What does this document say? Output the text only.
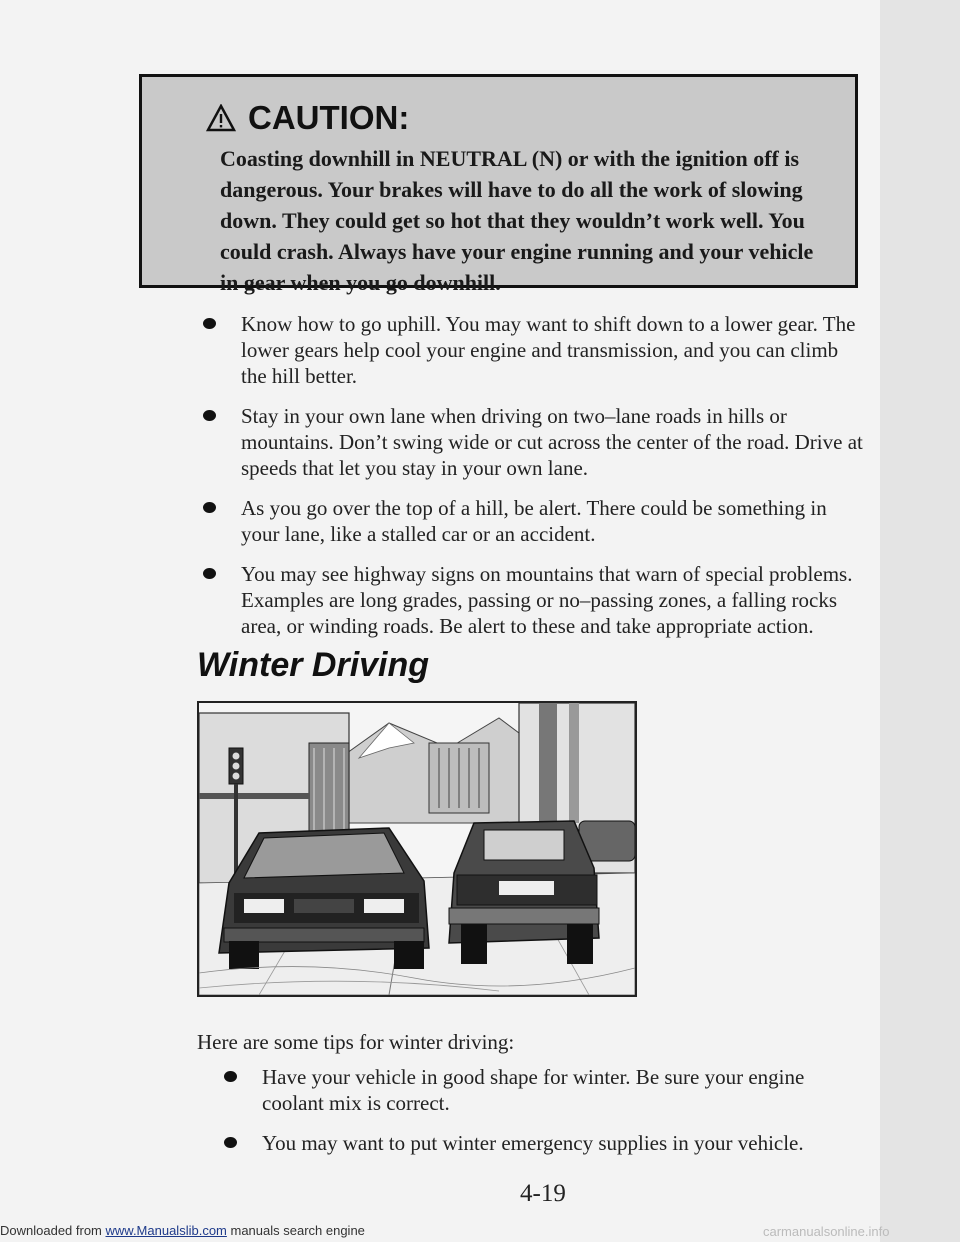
CAUTION:
Coasting downhill in NEUTRAL (N) or with the ignition off is dangerous. Your brakes will have to do all the work of slowing down. They could get so hot that they wouldn’t work well. You could crash. Always have your engine running and your vehicle in gear when you go downhill.
Know how to go uphill. You may want to shift down to a lower gear. The lower gears help cool your engine and transmission, and you can climb the hill better.
Stay in your own lane when driving on two–lane roads in hills or mountains. Don’t swing wide or cut across the center of the road. Drive at speeds that let you stay in your own lane.
As you go over the top of a hill, be alert. There could be something in your lane, like a stalled car or an accident.
You may see highway signs on mountains that warn of special problems. Examples are long grades, passing or no–passing zones, a falling rocks area, or winding roads. Be alert to these and take appropriate action.
Winter Driving
Here are some tips for winter driving:
Have your vehicle in good shape for winter. Be sure your engine coolant mix is correct.
You may want to put winter emergency supplies in your vehicle.
4-19
Downloaded from www.Manualslib.com manuals search engine	carmanualsonline.info
